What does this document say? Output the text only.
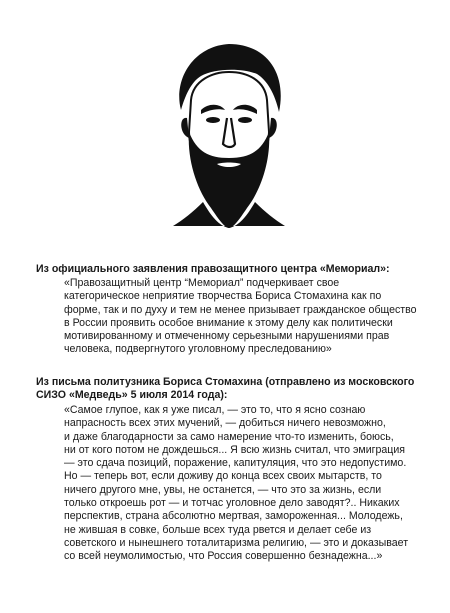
Из официального заявления правозащитного центра «Мемориал»:
«Правозащитный центр “Мемориал” подчеркивает свое
категорическое неприятие творчества Бориса Стомахина как по
форме, так и по духу и тем не менее призывает гражданское общество
в России проявить особое внимание к этому делу как политически
мотивированному и отмеченному серьезными нарушениями прав
человека, подвергнутого уголовному преследованию»
Из письма политузника Бориса Стомахина (отправлено из московского
СИЗО «Медведь» 5 июля 2014 года):
«Самое глупое, как я уже писал, — это то, что я ясно сознаю
напрасность всех этих мучений, — добиться ничего невозможно,
и даже благодарности за само намерение что-то изменить, боюсь,
ни от кого потом не дождешься... Я всю жизнь считал, что эмиграция
— это сдача позиций, поражение, капитуляция, что это недопустимо.
Но — теперь вот, если доживу до конца всех своих мытарств, то
ничего другого мне, увы, не останется, — что это за жизнь, если
только откроешь рот — и тотчас уголовное дело заводят?.. Никаких
перспектив, страна абсолютно мертвая, замороженная... Молодежь,
не жившая в совке, больше всех туда рвется и делает себе из
советского и нынешнего тоталитаризма религию, — это и доказывает
со всей неумолимостью, что Россия совершенно безнадежна...»
